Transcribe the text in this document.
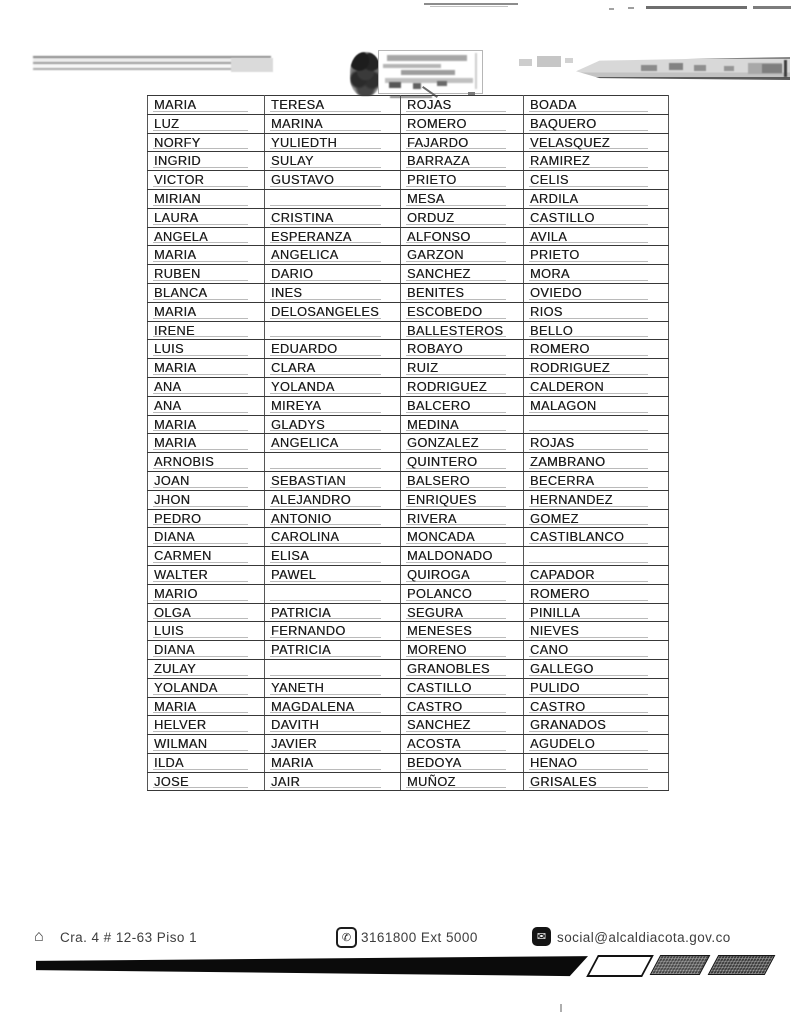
MARIA	TERESA	ROJAS	BOADA
LUZ	MARINA	ROMERO	BAQUERO
NORFY	YULIEDTH	FAJARDO	VELASQUEZ
INGRID	SULAY	BARRAZA	RAMIREZ
VICTOR	GUSTAVO	PRIETO	CELIS
MIRIAN		MESA	ARDILA
LAURA	CRISTINA	ORDUZ	CASTILLO
ANGELA	ESPERANZA	ALFONSO	AVILA
MARIA	ANGELICA	GARZON	PRIETO
RUBEN	DARIO	SANCHEZ	MORA
BLANCA	INES	BENITES	OVIEDO
MARIA	DELOSANGELES	ESCOBEDO	RIOS
IRENE		BALLESTEROS	BELLO
LUIS	EDUARDO	ROBAYO	ROMERO
MARIA	CLARA	RUIZ	RODRIGUEZ
ANA	YOLANDA	RODRIGUEZ	CALDERON
ANA	MIREYA	BALCERO	MALAGON
MARIA	GLADYS	MEDINA	
MARIA	ANGELICA	GONZALEZ	ROJAS
ARNOBIS		QUINTERO	ZAMBRANO
JOAN	SEBASTIAN	BALSERO	BECERRA
JHON	ALEJANDRO	ENRIQUES	HERNANDEZ
PEDRO	ANTONIO	RIVERA	GOMEZ
DIANA	CAROLINA	MONCADA	CASTIBLANCO
CARMEN	ELISA	MALDONADO	
WALTER	PAWEL	QUIROGA	CAPADOR
MARIO		POLANCO	ROMERO
OLGA	PATRICIA	SEGURA	PINILLA
LUIS	FERNANDO	MENESES	NIEVES
DIANA	PATRICIA	MORENO	CANO
ZULAY		GRANOBLES	GALLEGO
YOLANDA	YANETH	CASTILLO	PULIDO
MARIA	MAGDALENA	CASTRO	CASTRO
HELVER	DAVITH	SANCHEZ	GRANADOS
WILMAN	JAVIER	ACOSTA	AGUDELO
ILDA	MARIA	BEDOYA	HENAO
JOSE	JAIR	MUÑOZ	GRISALES
⌂ Cra. 4 # 12-63 Piso 1	✆ 3161800 Ext 5000	✉ social@alcaldiacota.gov.co
